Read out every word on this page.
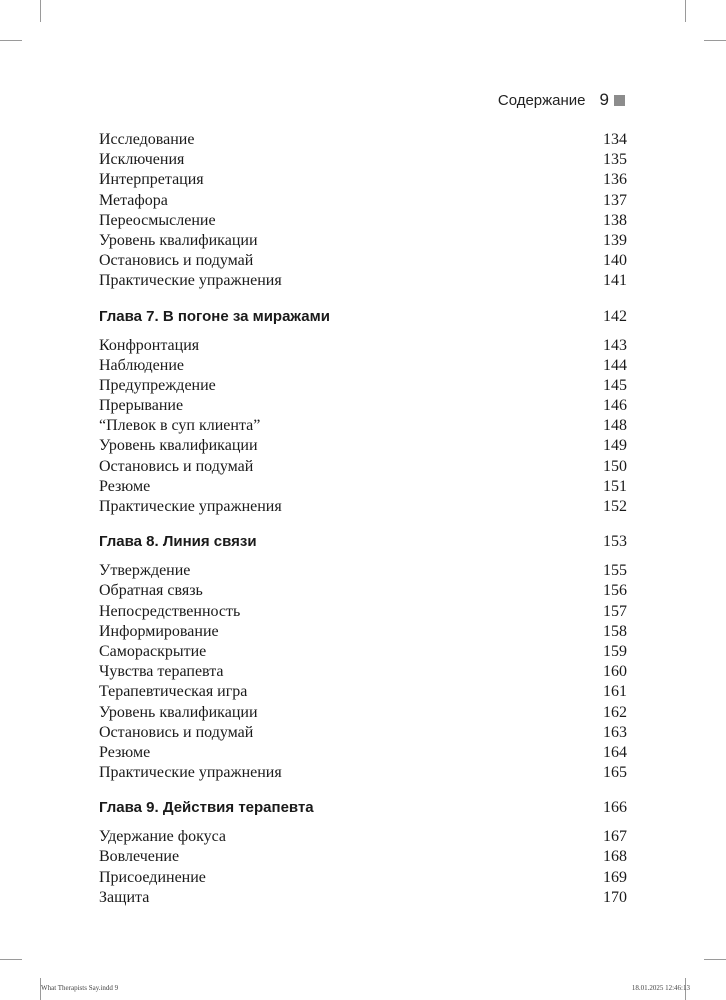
Содержание 9
Исследование	134
Исключения	135
Интерпретация	136
Метафора	137
Переосмысление	138
Уровень квалификации	139
Остановись и подумай	140
Практические упражнения	141
Глава 7. В погоне за миражами	142
Конфронтация	143
Наблюдение	144
Предупреждение	145
Прерывание	146
“Плевок в суп клиента”	148
Уровень квалификации	149
Остановись и подумай	150
Резюме	151
Практические упражнения	152
Глава 8. Линия связи	153
Утверждение	155
Обратная связь	156
Непосредственность	157
Информирование	158
Самораскрытие	159
Чувства терапевта	160
Терапевтическая игра	161
Уровень квалификации	162
Остановись и подумай	163
Резюме	164
Практические упражнения	165
Глава 9. Действия терапевта	166
Удержание фокуса	167
Вовлечение	168
Присоединение	169
Защита	170
What Therapists Say.indd 9	18.01.2025 12:46:13
